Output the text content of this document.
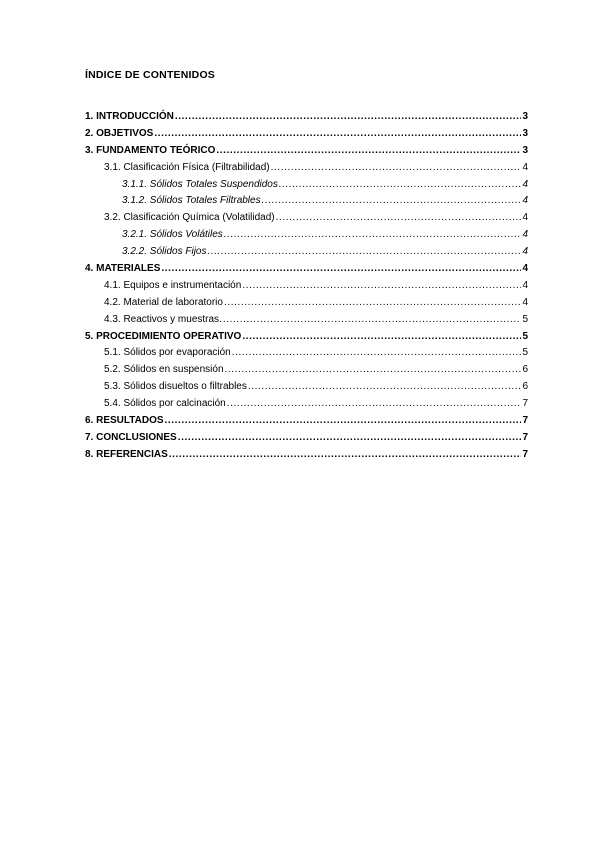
ÍNDICE DE CONTENIDOS
1. INTRODUCCIÓN .....	3
2. OBJETIVOS .....	3
3. FUNDAMENTO TEÓRICO .....	3
3.1. Clasificación Física (Filtrabilidad) .....	4
3.1.1. Sólidos Totales Suspendidos .....	4
3.1.2. Sólidos Totales Filtrables .....	4
3.2. Clasificación Química (Volatilidad) .....	4
3.2.1. Sólidos Volátiles .....	4
3.2.2. Sólidos Fijos .....	4
4. MATERIALES .....	4
4.1. Equipos e instrumentación .....	4
4.2. Material de laboratorio .....	4
4.3. Reactivos y muestras. .....	5
5. PROCEDIMIENTO OPERATIVO .....	5
5.1. Sólidos por evaporación .....	5
5.2. Sólidos en suspensión .....	6
5.3. Sólidos disueltos o filtrables .....	6
5.4. Sólidos por calcinación .....	7
6. RESULTADOS .....	7
7. CONCLUSIONES .....	7
8. REFERENCIAS .....	7
